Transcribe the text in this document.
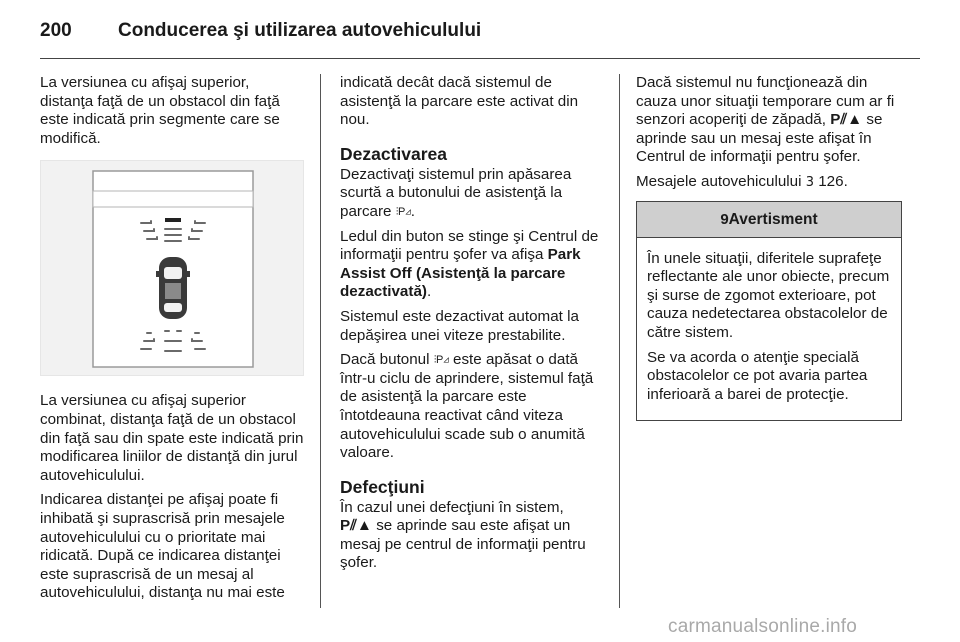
200 Conducerea şi utilizarea autovehiculului

La versiunea cu afişaj superior, distanţa faţă de un obstacol din faţă este indicată prin segmente care se modifică.

La versiunea cu afişaj superior combinat, distanţa faţă de un obstacol din faţă sau din spate este indicată prin modificarea liniilor de distanţă din jurul autovehiculului.

Indicarea distanţei pe afişaj poate fi inhibată şi suprascrisă prin mesajele autovehiculului cu o prioritate mai ridicată. După ce indicarea distanţei este suprascrisă de un mesaj al autovehiculului, distanţa nu mai este

indicată decât dacă sistemul de asistenţă la parcare este activat din nou.

Dezactivarea

Dezactivaţi sistemul prin apăsarea scurtă a butonului de asistenţă la parcare ⫶P◿.

Ledul din buton se stinge şi Centrul de informaţii pentru şofer va afişa Park Assist Off (Asistenţă la parcare dezactivată).

Sistemul este dezactivat automat la depăşirea unei viteze prestabilite.

Dacă butonul ⫶P◿ este apăsat o dată într-u ciclu de aprindere, sistemul faţă de asistenţă la parcare este întotdeauna reactivat când viteza autovehiculului scade sub o anumită valoare.

Defecţiuni

În cazul unei defecţiuni în sistem,
P⫽▲ se aprinde sau este afişat un mesaj pe centrul de informaţii pentru şofer.

Dacă sistemul nu funcţionează din cauza unor situaţii temporare cum ar fi senzori acoperiţi de zăpadă, P⫽▲ se aprinde sau un mesaj este afişat în Centrul de informaţii pentru şofer.

Mesajele autovehiculului 3 126.

9Avertisment

În unele situaţii, diferitele suprafeţe reflectante ale unor obiecte, precum şi surse de zgomot exterioare, pot cauza nedetectarea obstacolelor de către sistem.

Se va acorda o atenţie specială obstacolelor ce pot avaria partea inferioară a barei de protecţie.

carmanualsonline.info
